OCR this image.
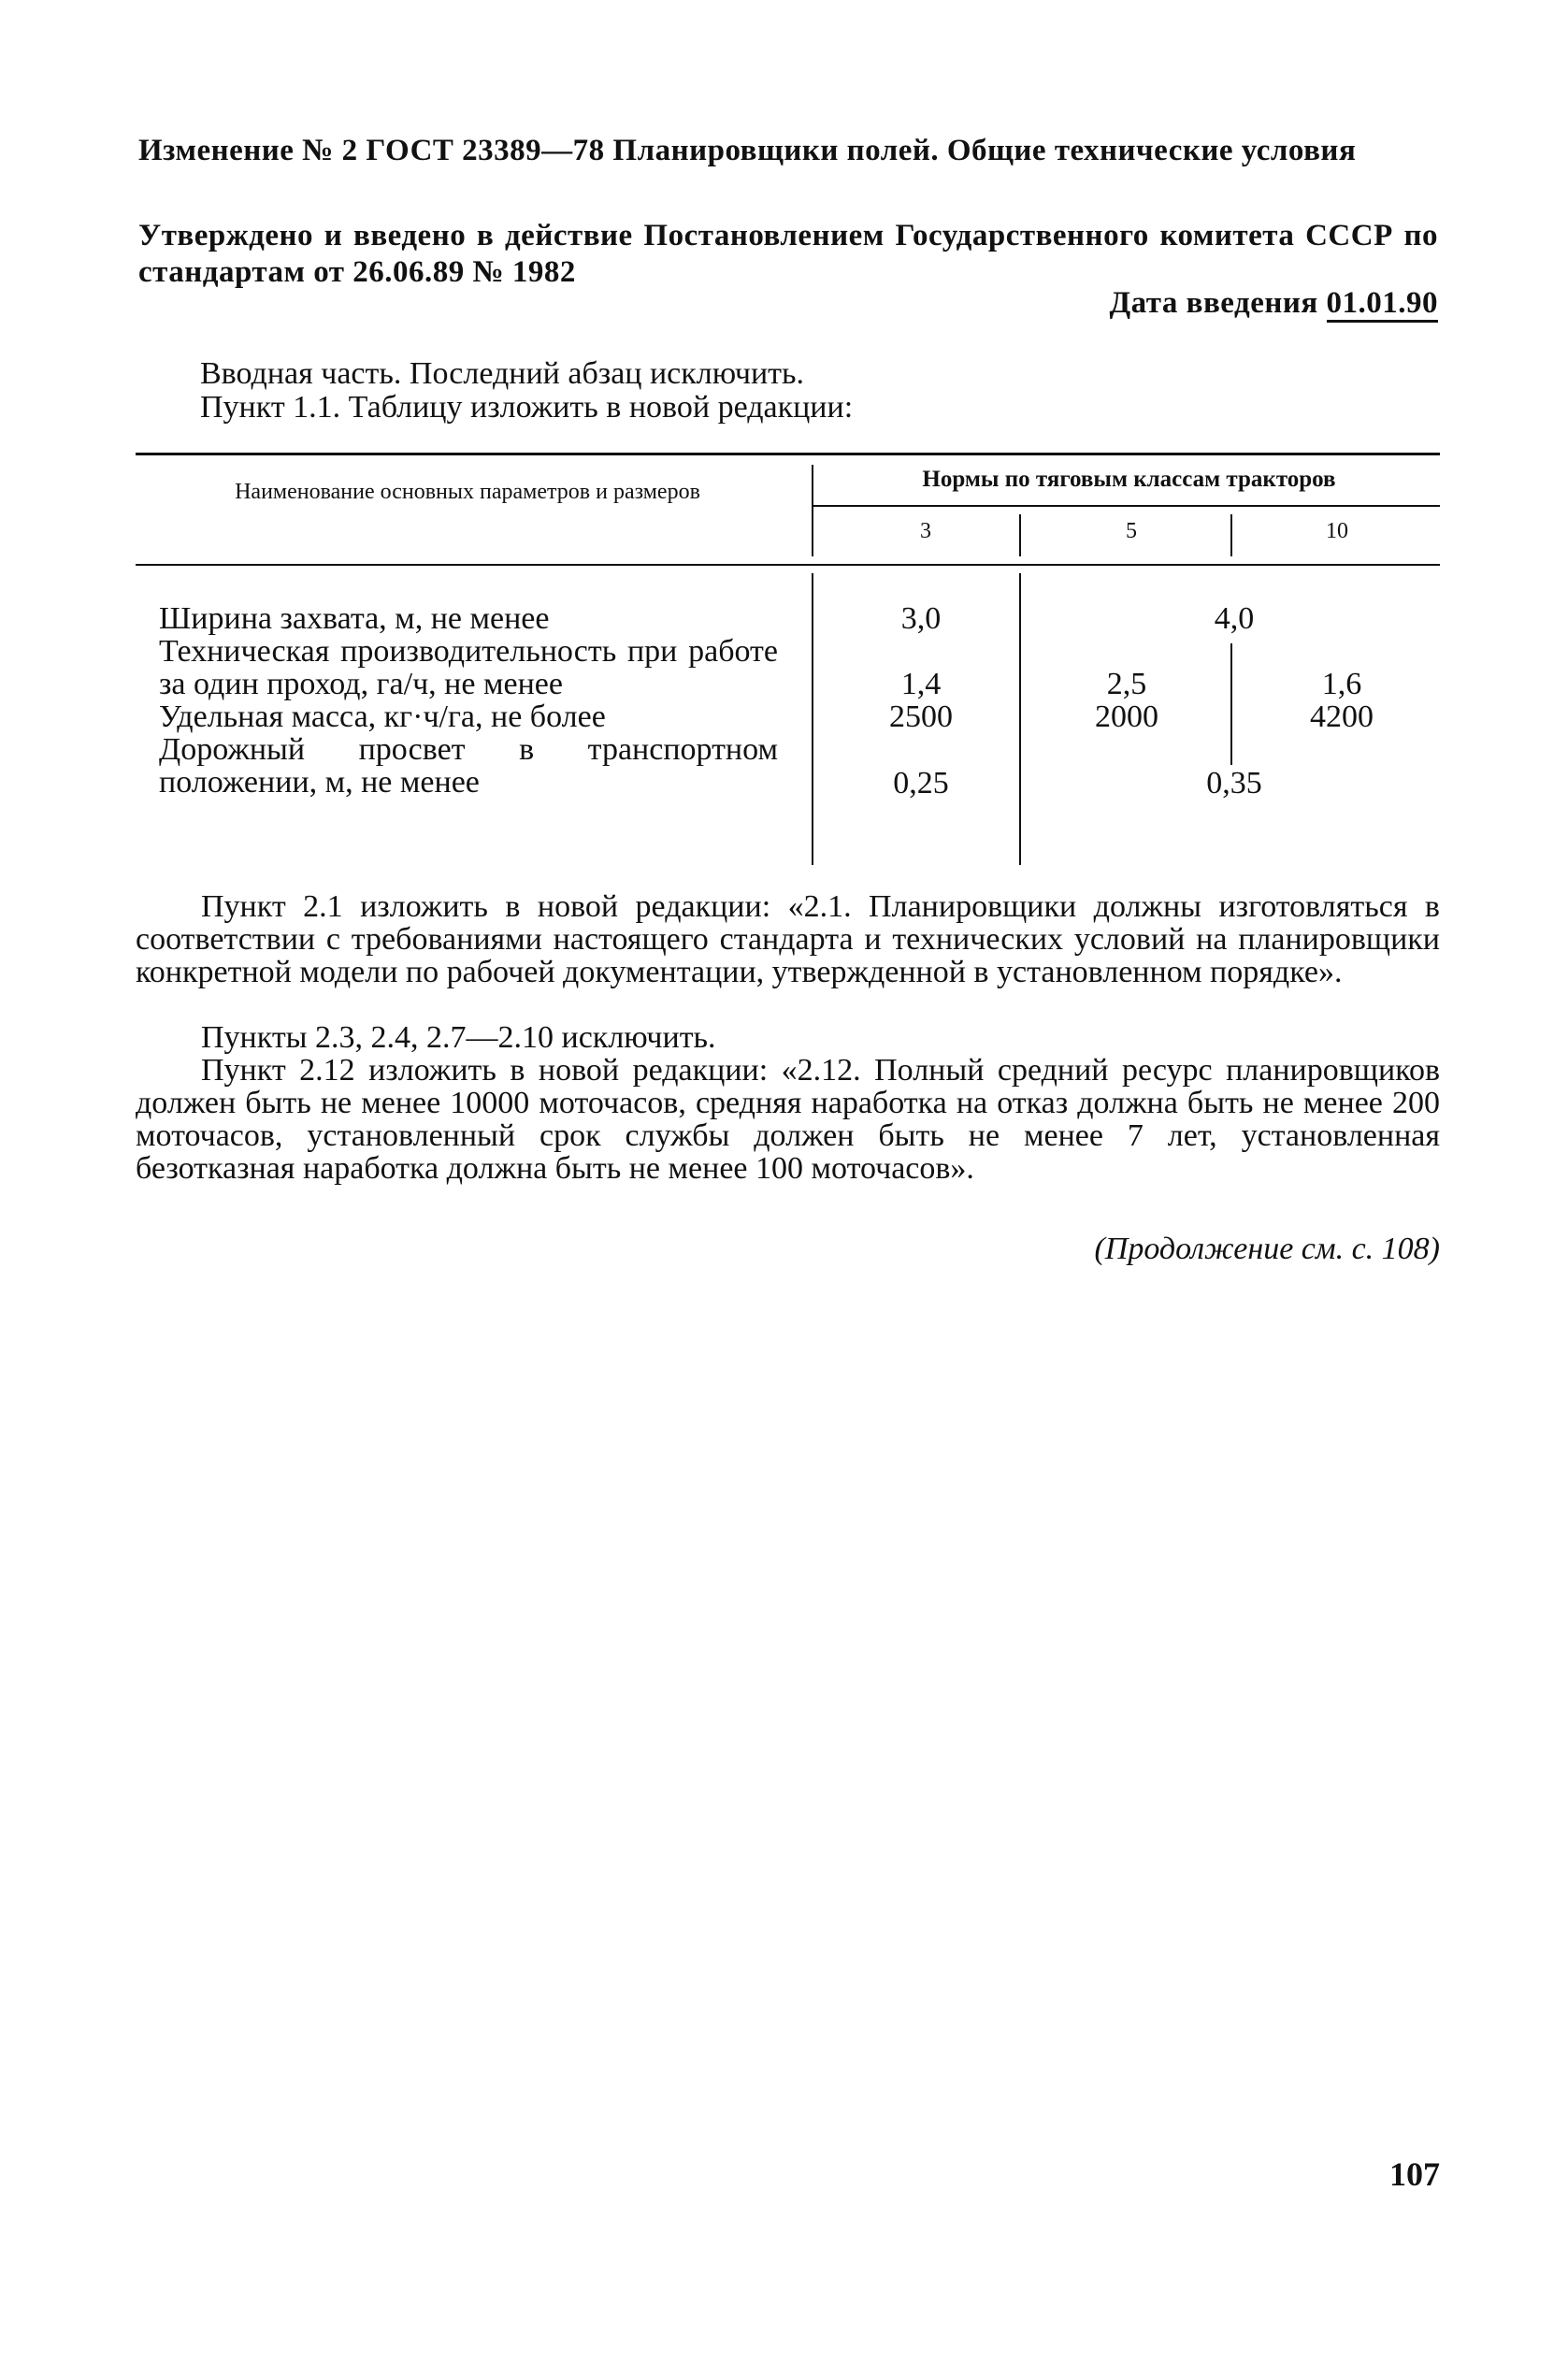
Изменение № 2 ГОСТ 23389—78 Планировщики полей. Общие технические условия
Утверждено и введено в действие Постановлением Государственного комитета СССР по стандартам от 26.06.89 № 1982
Дата введения 01.01.90
Вводная часть. Последний абзац исключить.
Пункт 1.1. Таблицу изложить в новой редакции:
Наименование основных параметров и размеров	Нормы по тяговым классам тракторов
3	5	10
Ширина захвата, м, не менее	3,0	4,0
Техническая производительность при работе за один проход, га/ч, не менее	1,4	2,5	1,6
Удельная масса, кг·ч/га, не более	2500	2000	4200
Дорожный просвет в транспортном положении, м, не менее	0,25	0,35
Пункт 2.1 изложить в новой редакции: «2.1. Планировщики должны изготовляться в соответствии с требованиями настоящего стандарта и технических условий на планировщики конкретной модели по рабочей документации, утвержденной в установленном порядке».
Пункты 2.3, 2.4, 2.7—2.10 исключить.
Пункт 2.12 изложить в новой редакции: «2.12. Полный средний ресурс планировщиков должен быть не менее 10000 моточасов, средняя наработка на отказ должна быть не менее 200 моточасов, установленный срок службы должен быть не менее 7 лет, установленная безотказная наработка должна быть не менее 100 моточасов».
(Продолжение см. с. 108)
107
